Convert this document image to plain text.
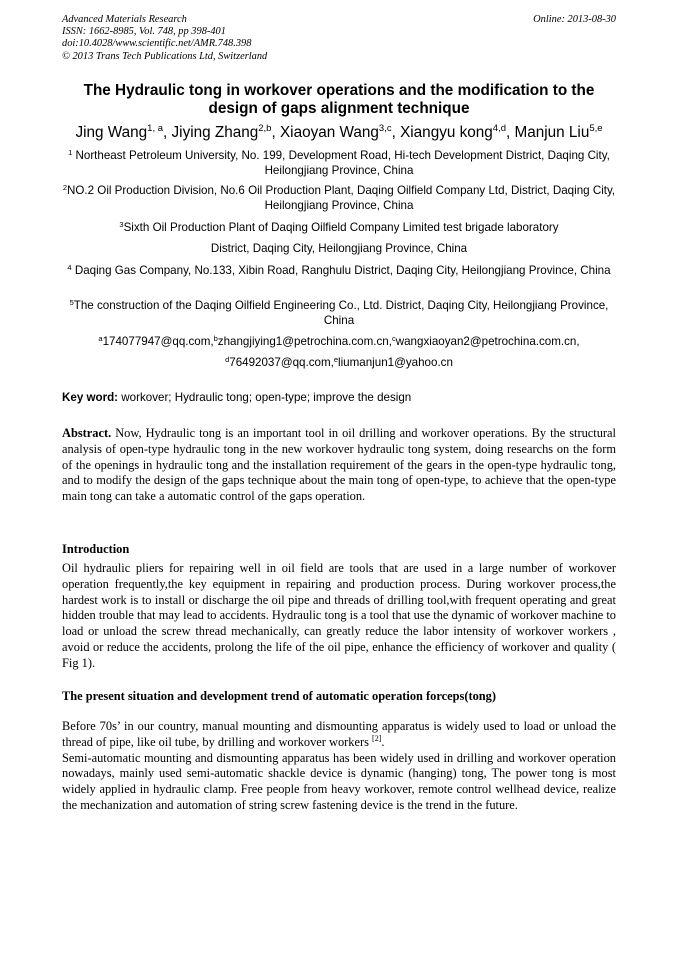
Advanced Materials Research
ISSN: 1662-8985, Vol. 748, pp 398-401
doi:10.4028/www.scientific.net/AMR.748.398
© 2013 Trans Tech Publications Ltd, Switzerland
Online: 2013-08-30
The Hydraulic tong in workover operations and the modification to the
design of gaps alignment technique
Jing Wang$^{1, a}$, Jiying Zhang$^{2,b}$, Xiaoyan Wang$^{3,c}$, Xiangyu kong$^{4,d}$, Manjun Liu$^{5,e}$
$^1$ Northeast Petroleum University, No. 199, Development Road, Hi-tech Development District, Daqing City, Heilongjiang Province, China
$^2$NO.2 Oil Production Division, No.6 Oil Production Plant, Daqing Oilfield Company Ltd, District, Daqing City, Heilongjiang Province, China
$^3$Sixth Oil Production Plant of Daqing Oilfield Company Limited test brigade laboratory
District, Daqing City, Heilongjiang Province, China
$^4$ Daqing Gas Company, No.133, Xibin Road, Ranghulu District, Daqing City, Heilongjiang Province, China
$^5$The construction of the Daqing Oilfield Engineering Co., Ltd. District, Daqing City, Heilongjiang Province, China
$^a$174077947@qq.com,$^b$zhangjiying1@petrochina.com.cn,$^c$wangxiaoyan2@petrochina.com.cn,
$^d$76492037@qq.com,$^e$liumanjun1@yahoo.cn
Key word: workover; Hydraulic tong; open-type; improve the design
Abstract. Now, Hydraulic tong is an important tool in oil drilling and workover operations. By the structural analysis of open-type hydraulic tong in the new workover hydraulic tong system, doing researchs on the form of the openings in hydraulic tong and the installation requirement of the gears in the open-type hydraulic tong, and to modify the design of the gaps technique about the main tong of open-type, to achieve that the open-type main tong can take a automatic control of the gaps operation.
Introduction
Oil hydraulic pliers for repairing well in oil field are tools that are used in a large number of workover operation frequently,the key equipment in repairing and production process. During workover process,the hardest work is to install or discharge the oil pipe and threads of drilling tool,with frequent operating and great hidden trouble that may lead to accidents. Hydraulic tong is a tool that use the dynamic of workover machine to load or unload the screw thread mechanically, can greatly reduce the labor intensity of workover workers , avoid or reduce the accidents, prolong the life of the oil pipe, enhance the efficiency of workover and quality ( Fig 1).
The present situation and development trend of automatic operation forceps(tong)
Before 70s’ in our country, manual mounting and dismounting apparatus is widely used to load or unload the thread of pipe, like oil tube, by drilling and workover workers [2].
Semi-automatic mounting and dismounting apparatus has been widely used in drilling and workover operation nowadays, mainly used semi-automatic shackle device is dynamic (hanging) tong, The power tong is most widely applied in hydraulic clamp. Free people from heavy workover, remote control wellhead device, realize the mechanization and automation of string screw fastening device is the trend in the future.
